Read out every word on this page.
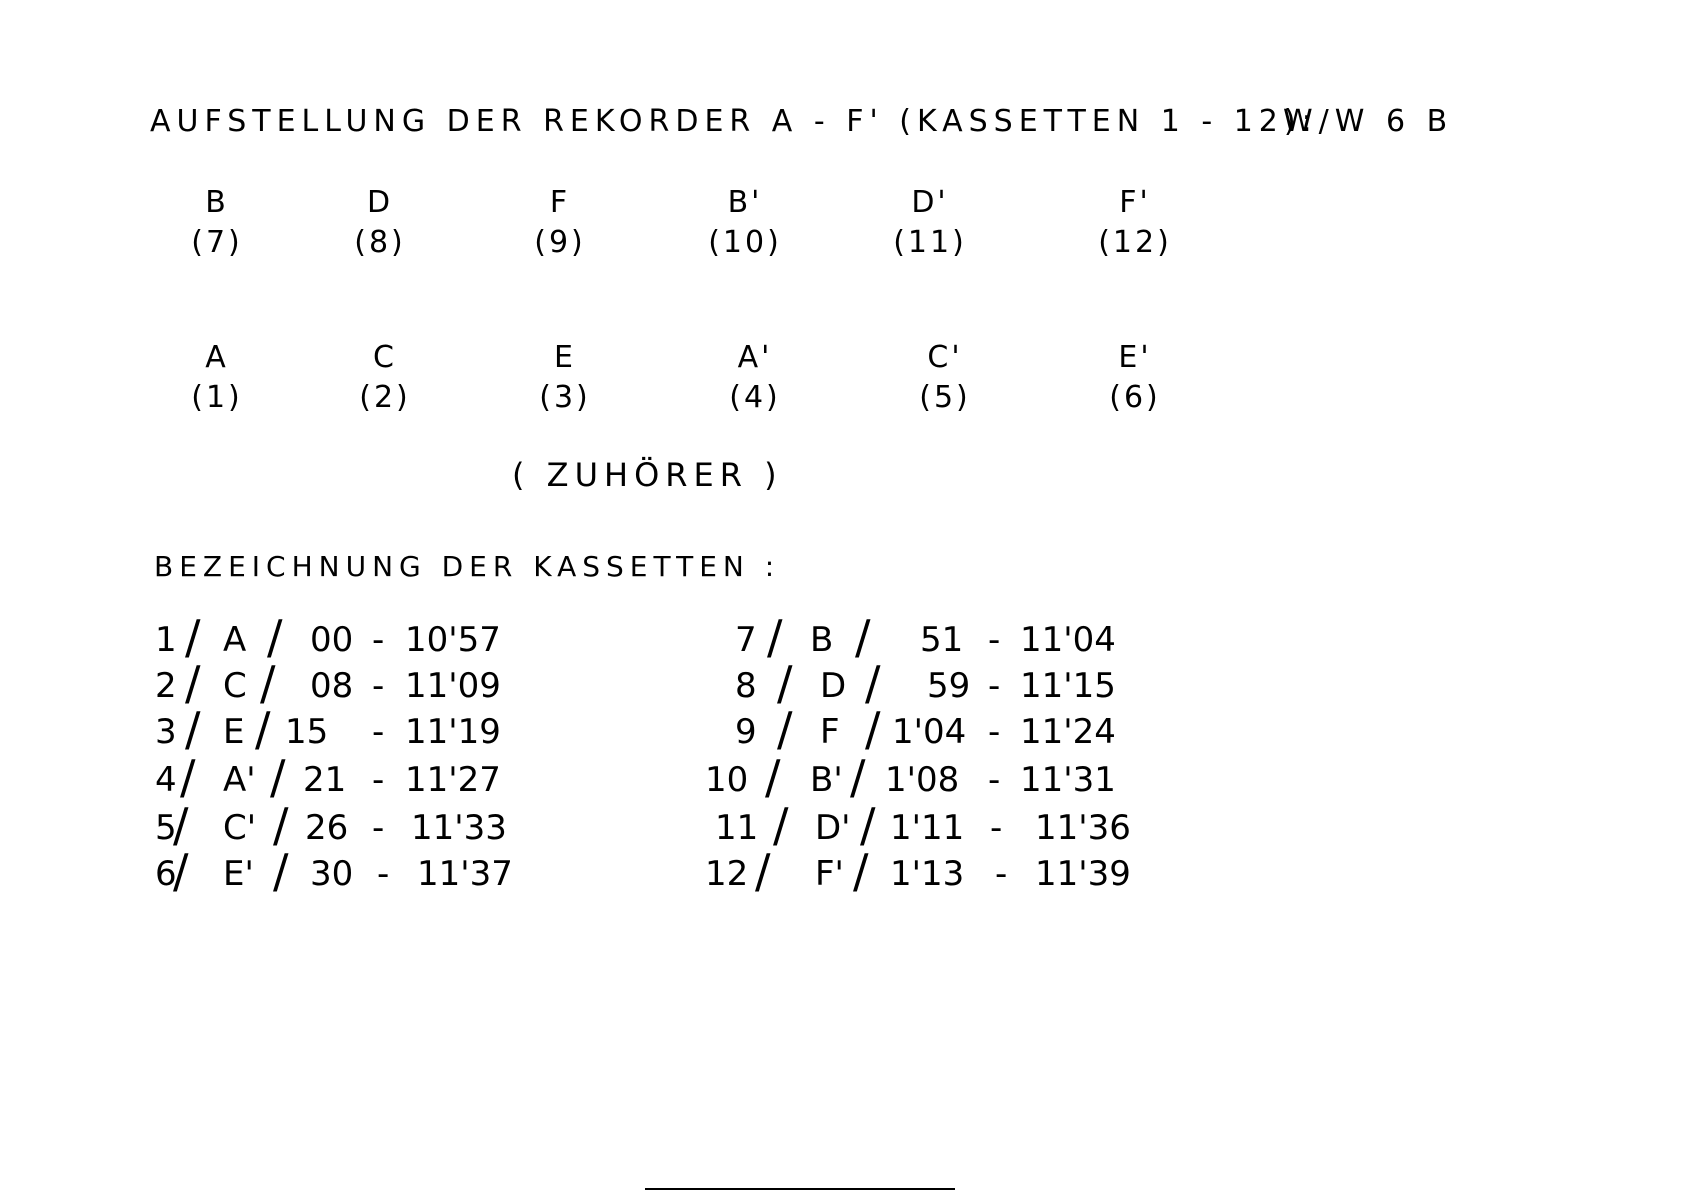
AUFSTELLUNG DER REKORDER A - F' (KASSETTEN 1 - 12):
W/W 6 B
B
(7)
D
(8)
F
(9)
B'
(10)
D'
(11)
F'
(12)
A
(1)
C
(2)
E
(3)
A'
(4)
C'
(5)
E'
(6)
( ZUHÖRER )
BEZEICHNUNG DER KASSETTEN :
1 / A / 00 - 10'57
2 / C / 08 - 11'09
3 / E / 15 - 11'19
4 / A' / 21 - 11'27
5
/ C' / 26 - 11'33
6
/ E' / 30 - 11'37
7 / B / 51 - 11'04
8 / D / 59 - 11'15
9 / F / 1'04 - 11'24
10 / B' / 1'08 - 11'31
11 / D' / 1'11 - 11'36
12 / F' / 1'13 - 11'39
